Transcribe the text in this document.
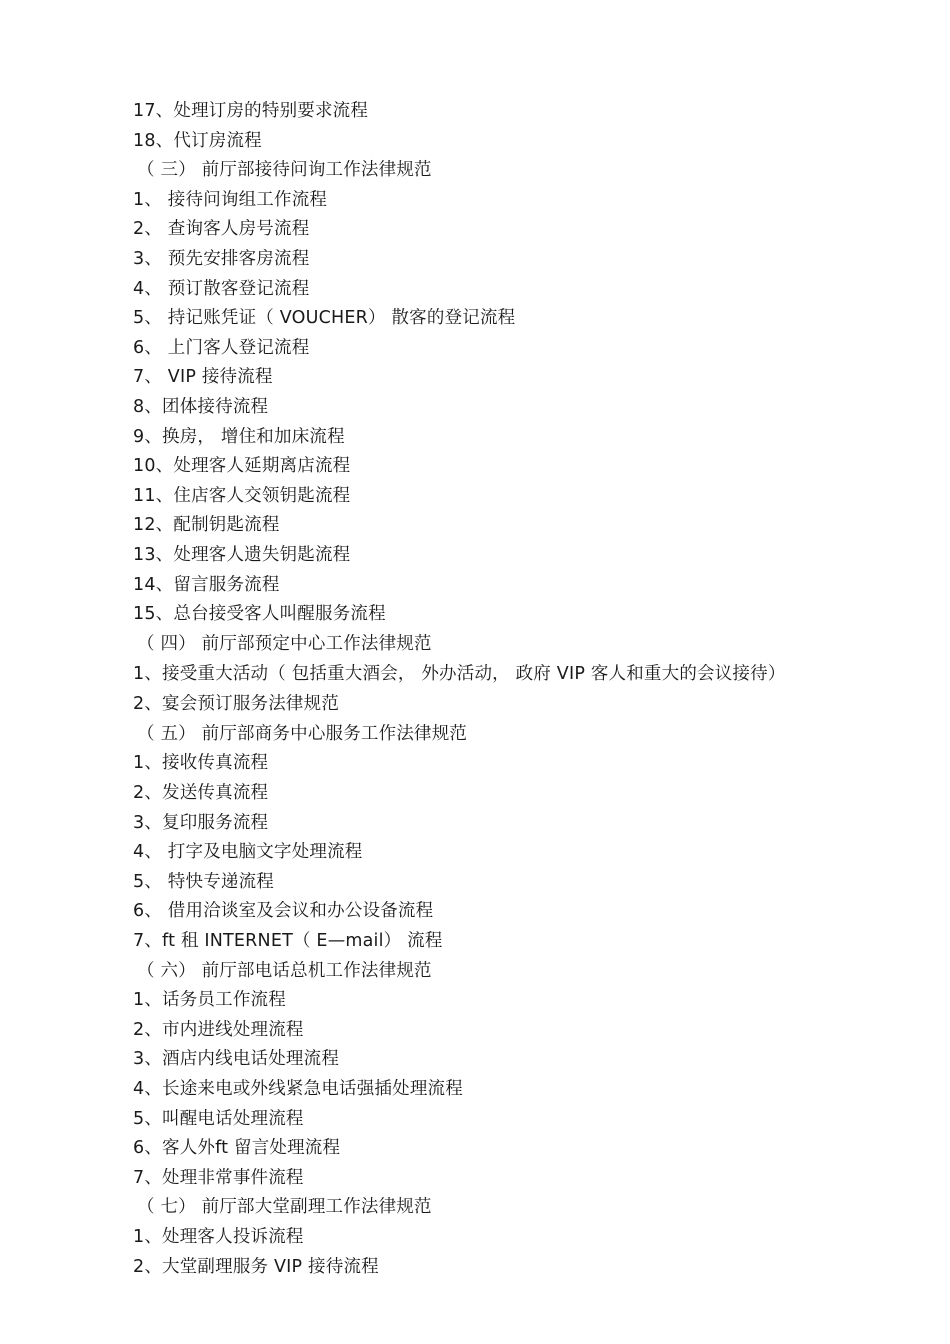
17、处理订房的特别要求流程
18、代订房流程
（ 三） 前厅部接待问询工作法律规范
1、 接待问询组工作流程
2、 查询客人房号流程
3、 预先安排客房流程
4、 预订散客登记流程
5、 持记账凭证（ VOUCHER） 散客的登记流程
6、 上门客人登记流程
7、 VIP 接待流程
8、团体接待流程
9、换房， 增住和加床流程
10、处理客人延期离店流程
11、住店客人交领钥匙流程
12、配制钥匙流程
13、处理客人遗失钥匙流程
14、留言服务流程
15、总台接受客人叫醒服务流程
（ 四） 前厅部预定中心工作法律规范
1、接受重大活动（ 包括重大酒会， 外办活动， 政府 VIP 客人和重大的会议接待）
2、宴会预订服务法律规范
（ 五） 前厅部商务中心服务工作法律规范
1、接收传真流程
2、发送传真流程
3、复印服务流程
4、 打字及电脑文字处理流程
5、 特快专递流程
6、 借用洽谈室及会议和办公设备流程
7、ft 租 INTERNET（ E—mail） 流程
（ 六） 前厅部电话总机工作法律规范
1、话务员工作流程
2、市内进线处理流程
3、酒店内线电话处理流程
4、长途来电或外线紧急电话强插处理流程
5、叫醒电话处理流程
6、客人外ft 留言处理流程
7、处理非常事件流程
（ 七） 前厅部大堂副理工作法律规范
1、处理客人投诉流程
2、大堂副理服务 VIP 接待流程
